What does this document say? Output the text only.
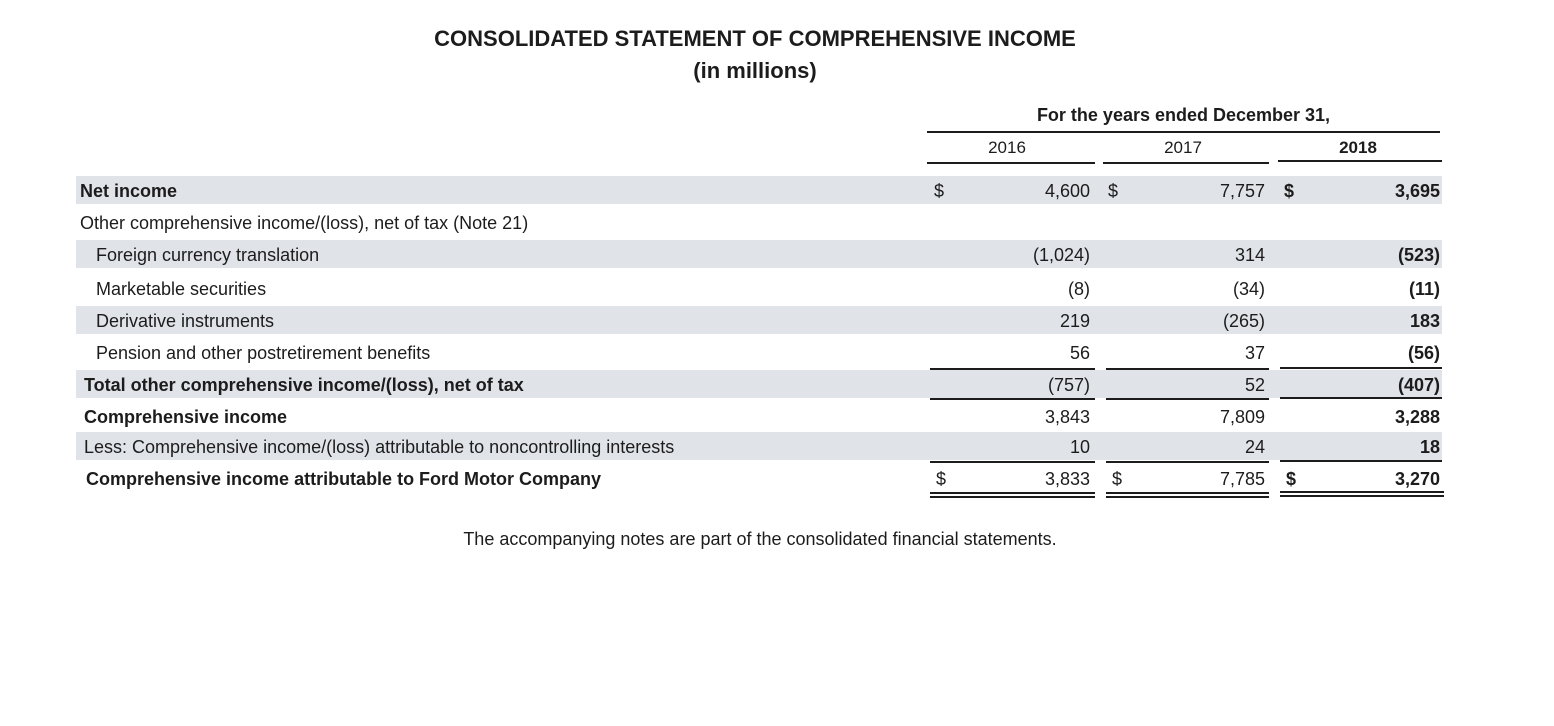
CONSOLIDATED STATEMENT OF COMPREHENSIVE INCOME
(in millions)
For the years ended December 31,
2016	2017	2018
Net income	$	4,600 $	7,757 $	3,695
Other comprehensive income/(loss), net of tax (Note 21)
Foreign currency translation	(1,024)	314	(523)
Marketable securities	(8)	(34)	(11)
Derivative instruments	219	(265)	183
Pension and other postretirement benefits	56	37	(56)
Total other comprehensive income/(loss), net of tax	(757)	52	(407)
Comprehensive income	3,843	7,809	3,288
Less: Comprehensive income/(loss) attributable to noncontrolling interests	10	24	18
Comprehensive income attributable to Ford Motor Company	$	3,833 $	7,785 $	3,270
The accompanying notes are part of the consolidated financial statements.
